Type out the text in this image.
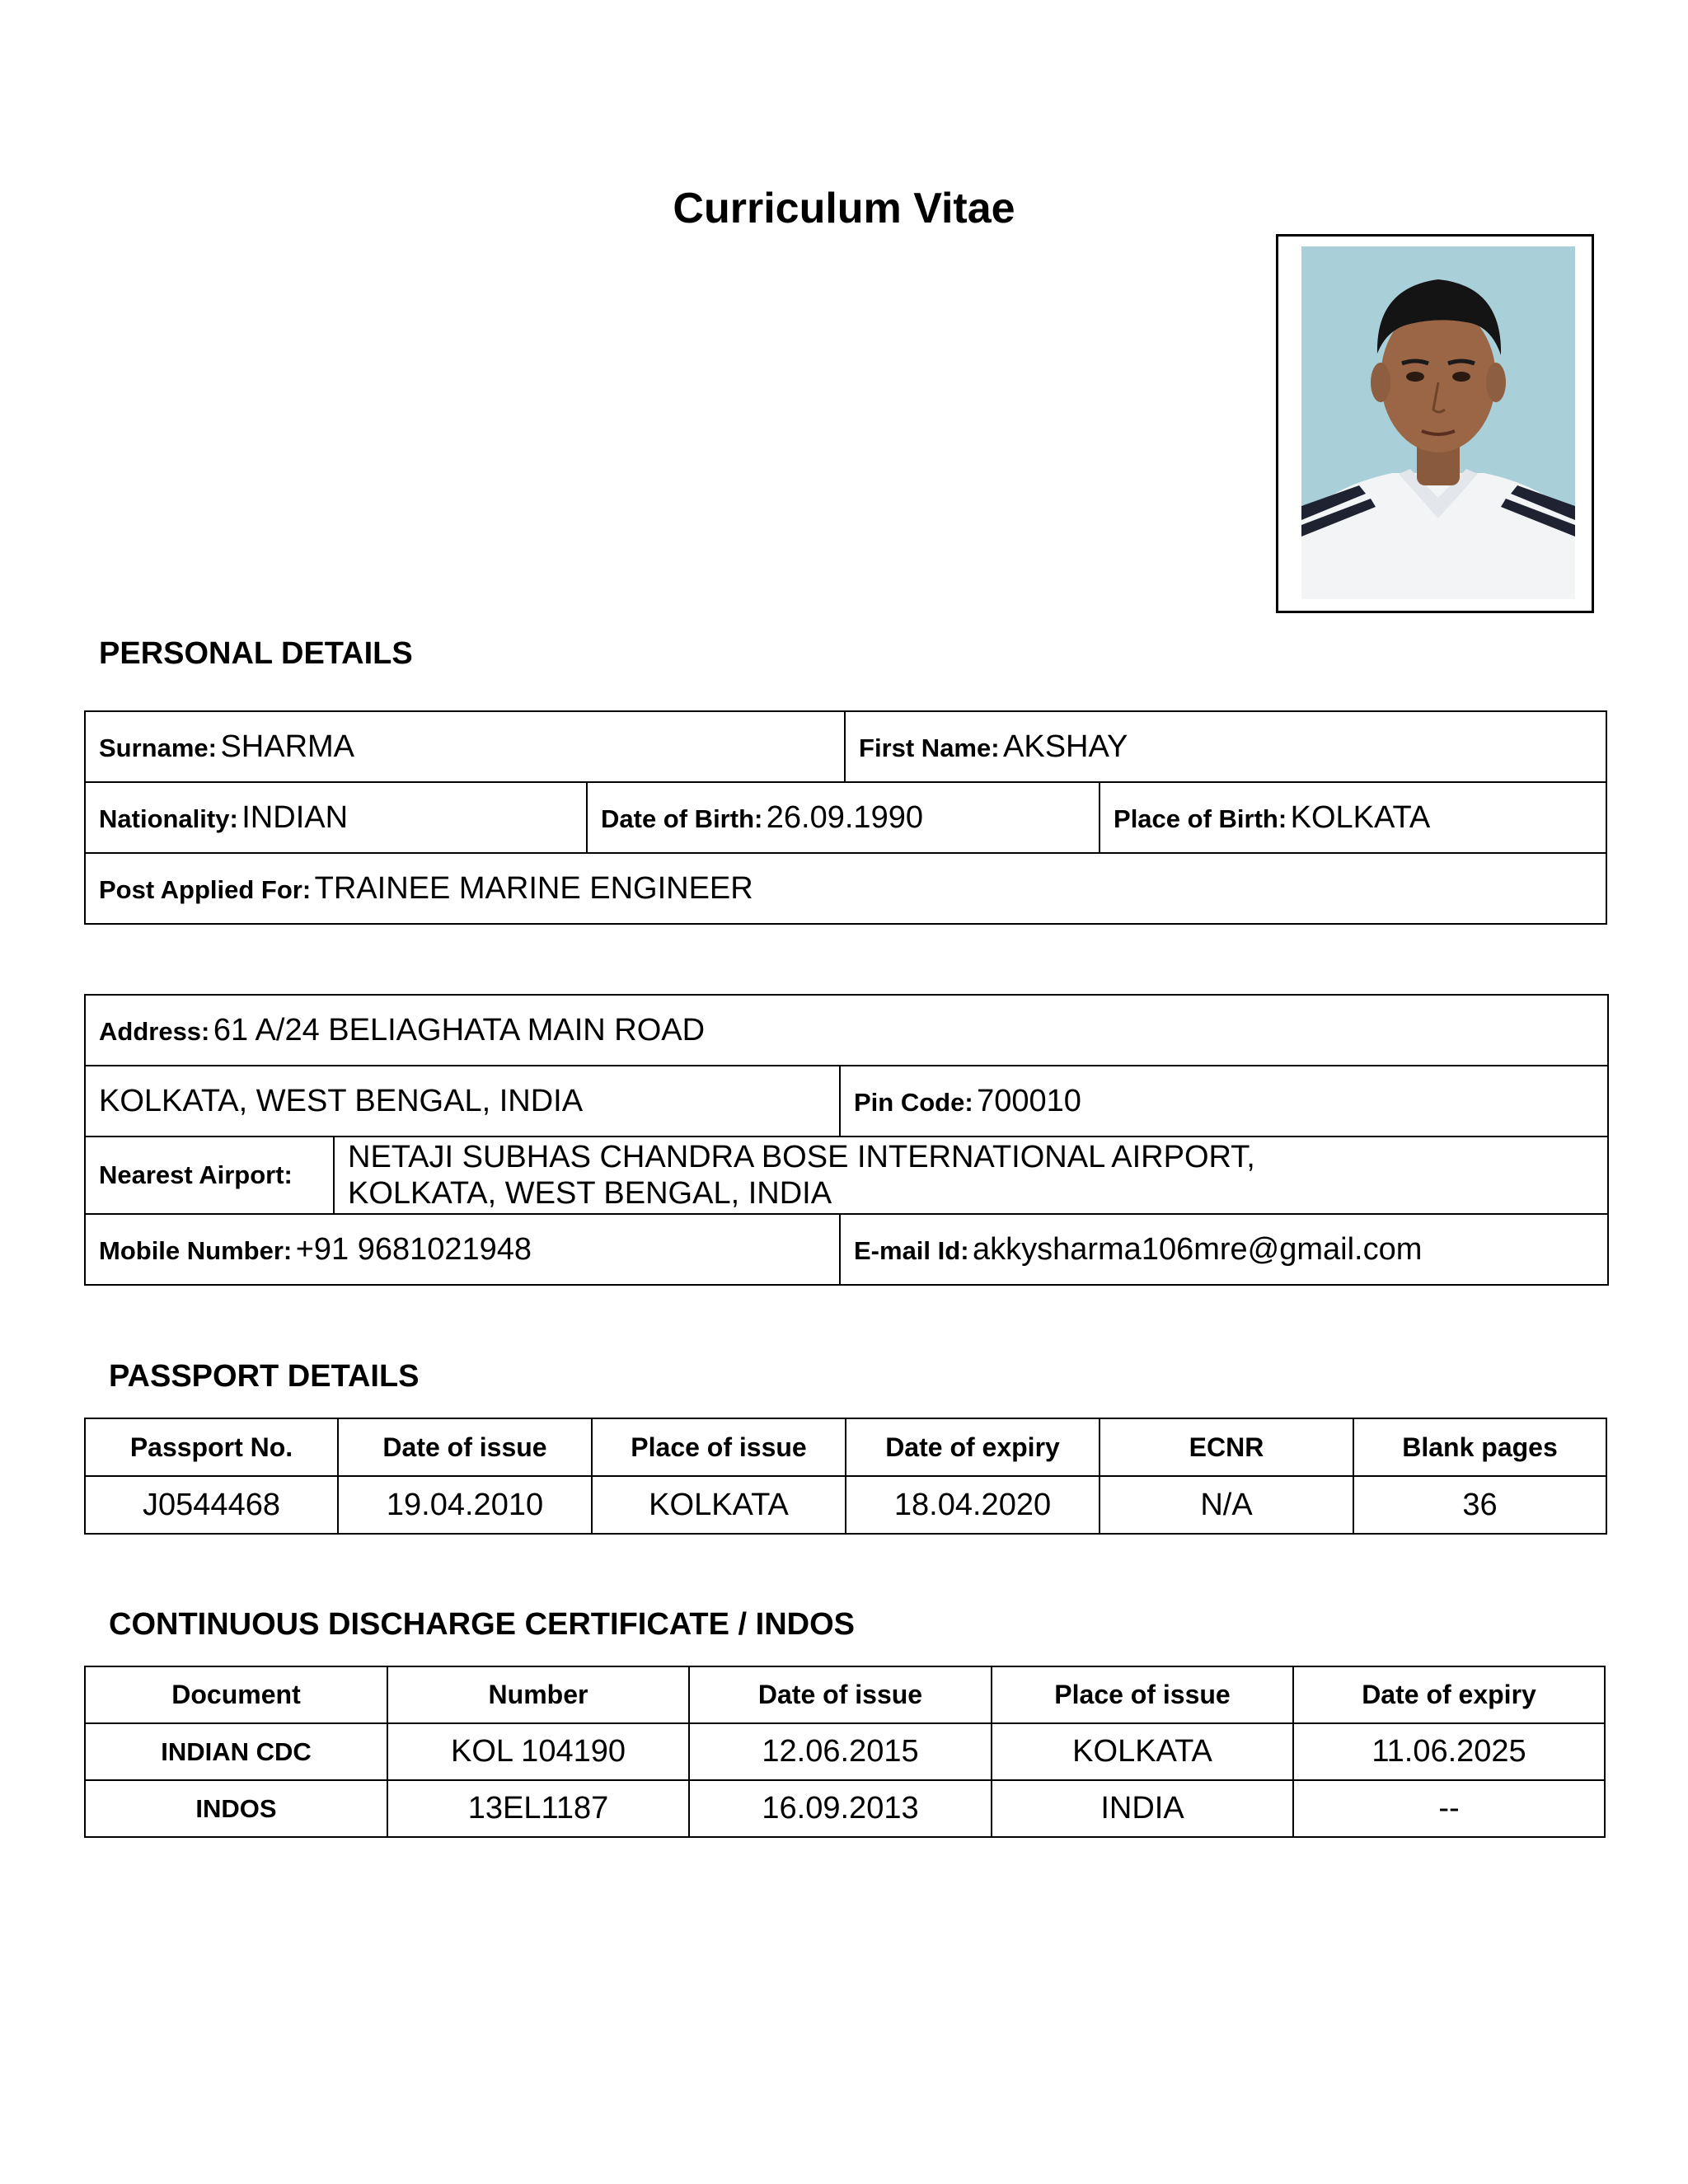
Curriculum Vitae
PERSONAL DETAILS
Surname: SHARMA		First Name: AKSHAY	
Nationality: INDIAN	Date of Birth: 26.09.1990		Place of Birth: KOLKATA
Post Applied For: TRAINEE MARINE ENGINEER			
Address: 61 A/24 BELIAGHATA MAIN ROAD		
KOLKATA, WEST BENGAL, INDIA		Pin Code: 700010
Nearest Airport:	NETAJI SUBHAS CHANDRA BOSE INTERNATIONAL AIRPORT,
KOLKATA, WEST BENGAL, INDIA	

Mobile Number: +91 9681021948		E-mail Id: akkysharma106mre@gmail.com
PASSPORT DETAILS
Passport No.	Date of issue	Place of issue	Date of expiry	ECNR	Blank pages
J0544468	19.04.2010	KOLKATA	18.04.2020	N/A	36
CONTINUOUS DISCHARGE CERTIFICATE / INDOS
Document	Number	Date of issue	Place of issue	Date of expiry
INDIAN CDC	KOL 104190	12.06.2015	KOLKATA	11.06.2025
INDOS	13EL1187	16.09.2013	INDIA	--
